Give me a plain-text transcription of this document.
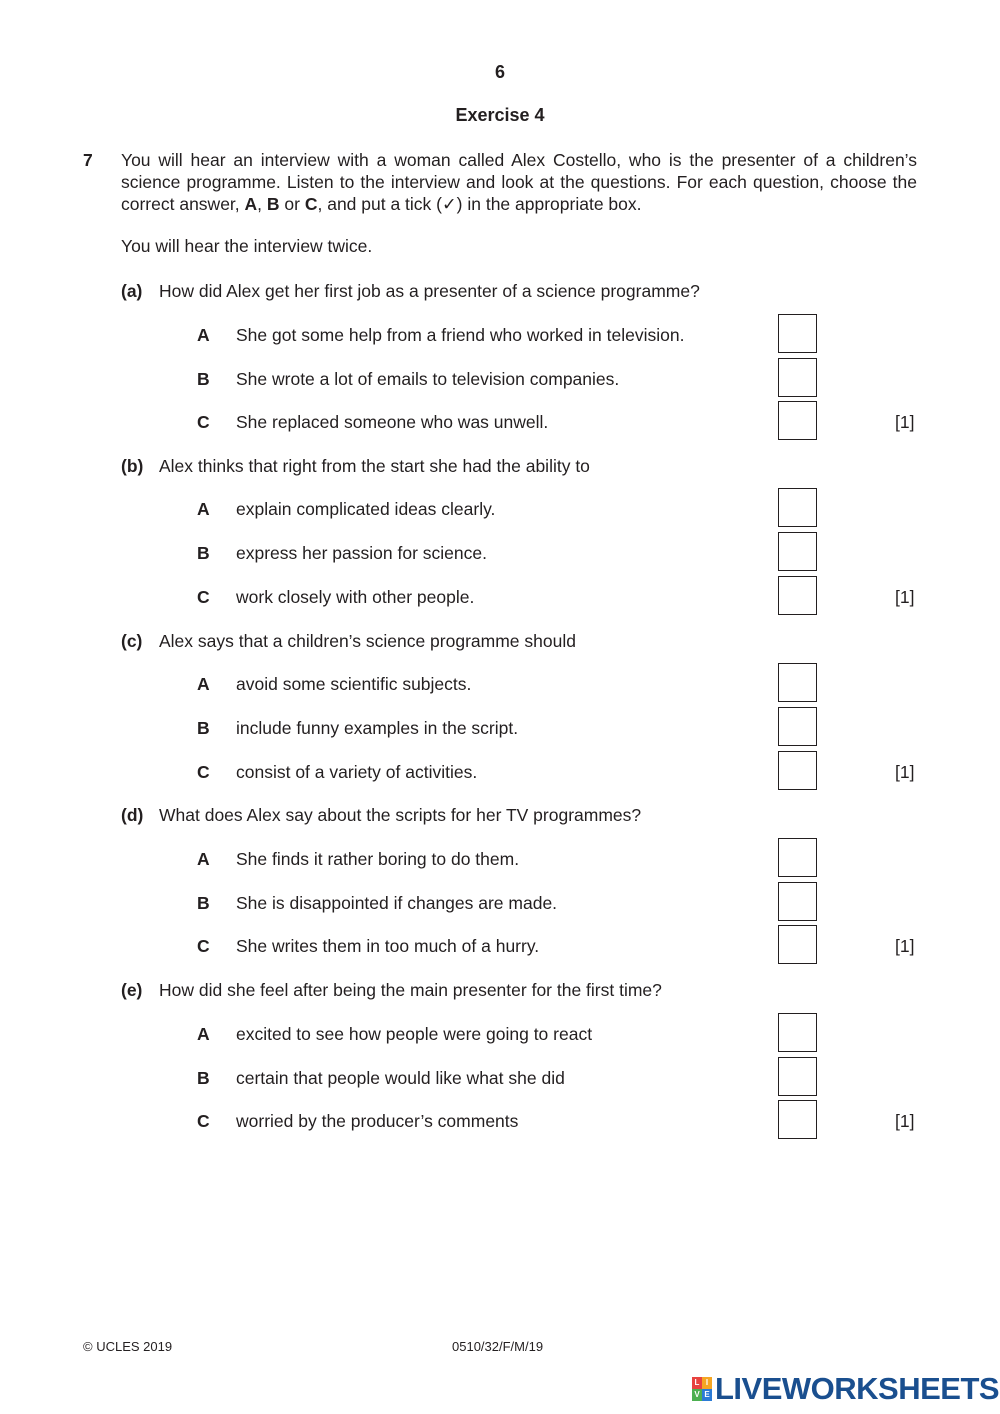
6
Exercise 4
7 You will hear an interview with a woman called Alex Costello, who is the presenter of a children’s science programme. Listen to the interview and look at the questions. For each question, choose the correct answer, A, B or C, and put a tick (✓) in the appropriate box.
You will hear the interview twice.
(a) How did Alex get her first job as a presenter of a science programme?
A	She got some help from a friend who worked in television.
B	She wrote a lot of emails to television companies.
C	She replaced someone who was unwell.	[1]
(b) Alex thinks that right from the start she had the ability to
A	explain complicated ideas clearly.
B	express her passion for science.
C	work closely with other people.	[1]
(c) Alex says that a children’s science programme should
A	avoid some scientific subjects.
B	include funny examples in the script.
C	consist of a variety of activities.	[1]
(d) What does Alex say about the scripts for her TV programmes?
A	She finds it rather boring to do them.
B	She is disappointed if changes are made.
C	She writes them in too much of a hurry.	[1]
(e) How did she feel after being the main presenter for the first time?
A	excited to see how people were going to react
B	certain that people would like what she did
C	worried by the producer’s comments	[1]
© UCLES 2019	0510/32/F/M/19
L I
V E LIVEWORKSHEETS
